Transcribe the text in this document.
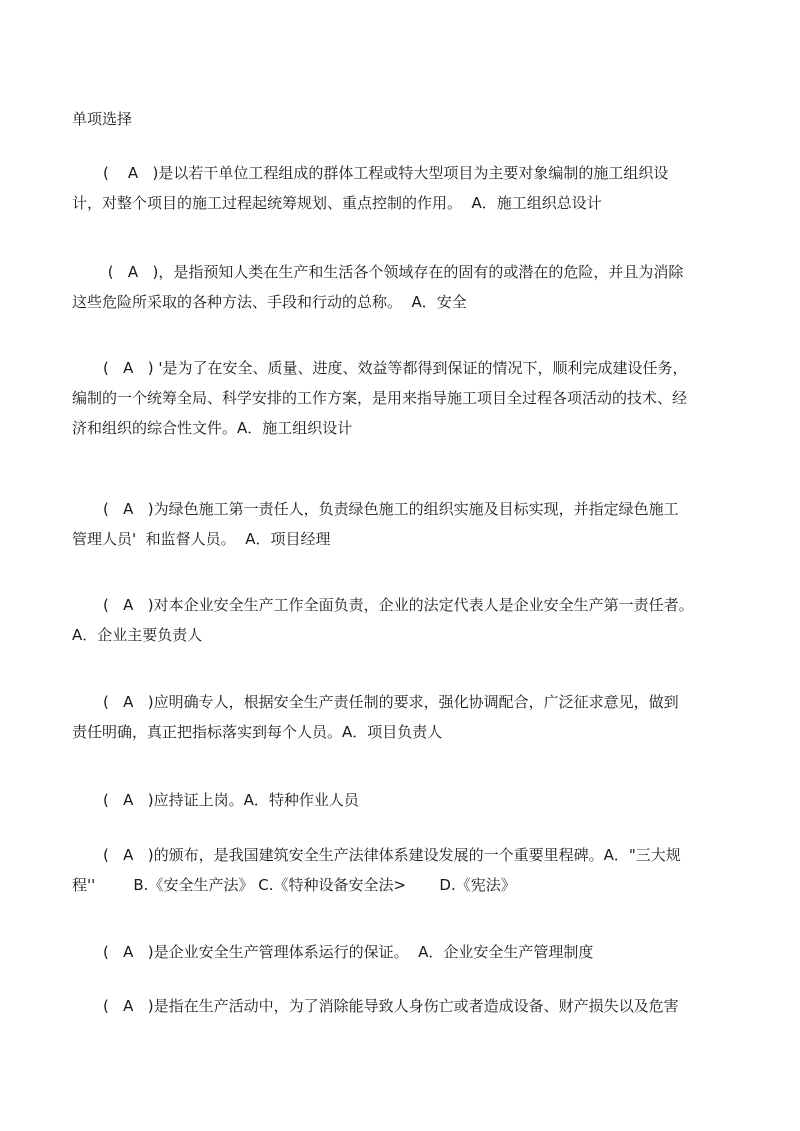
单项选择

(    A   )是以若干单位工程组成的群体工程或特大型项目为主要对象编制的施工组织设
计，对整个项目的施工过程起统筹规划、重点控制的作用。  A．施工组织总设计

(   A   )，是指预知人类在生产和生活各个领域存在的固有的或潜在的危险，并且为消除
这些危险所采取的各种方法、手段和行动的总称。  A．安全

(   A   ) '是为了在安全、质量、进度、效益等都得到保证的情况下，顺利完成建设任务，
编制的一个统筹全局、科学安排的工作方案，是用来指导施工项目全过程各项活动的技术、经
济和组织的综合性文件。A．施工组织设计

(   A   )为绿色施工第一责任人，负责绿色施工的组织实施及目标实现，并指定绿色施工
管理人员'  和监督人员。  A．项目经理

(   A   )对本企业安全生产工作全面负责，企业的法定代表人是企业安全生产第一责任者。
A．企业主要负责人

(   A   )应明确专人，根据安全生产责任制的要求，强化协调配合，广泛征求意见，做到
责任明确，真正把指标落实到每个人员。A．项目负责人

(   A   )应持证上岗。A．特种作业人员

(   A   )的颁布，是我国建筑安全生产法律体系建设发展的一个重要里程碑。A．"三大规
程''        B.《安全生产法》 C.《特种设备安全法>       D.《宪法》

(   A   )是企业安全生产管理体系运行的保证。  A．企业安全生产管理制度

(   A   )是指在生产活动中，为了消除能导致人身伤亡或者造成设备、财产损失以及危害
